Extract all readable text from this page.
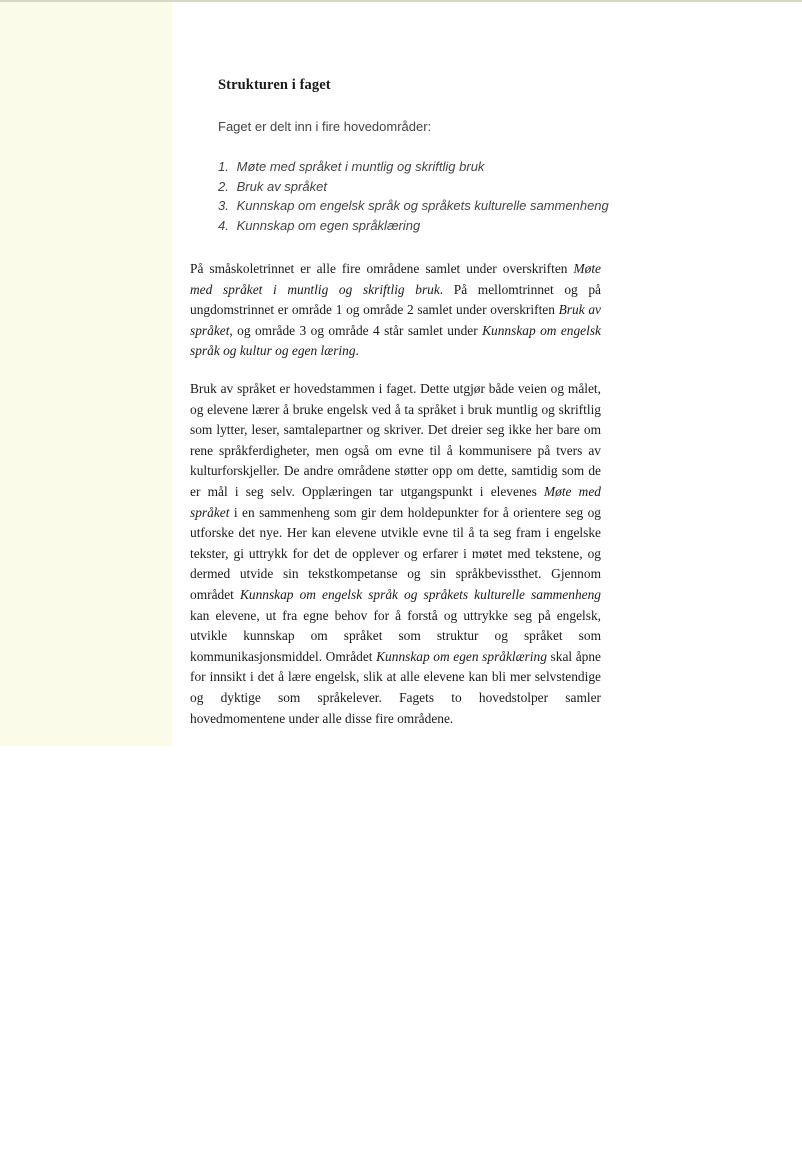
Strukturen i faget

Faget er delt inn i fire hovedområder:

1. Møte med språket i muntlig og skriftlig bruk
2. Bruk av språket
3. Kunnskap om engelsk språk og språkets kulturelle sammenheng
4. Kunnskap om egen språklæring

På småskoletrinnet er alle fire områdene samlet under overskriften Møte med språket i muntlig og skriftlig bruk. På mellomtrinnet og på ungdomstrinnet er område 1 og område 2 samlet under overskriften Bruk av språket, og område 3 og område 4 står samlet under Kunnskap om engelsk språk og kultur og egen læring.

Bruk av språket er hovedstammen i faget. Dette utgjør både veien og målet, og elevene lærer å bruke engelsk ved å ta språket i bruk muntlig og skriftlig som lytter, leser, samtalepartner og skriver. Det dreier seg ikke her bare om rene språkferdigheter, men også om evne til å kommunisere på tvers av kulturforskjeller. De andre områdene støtter opp om dette, samtidig som de er mål i seg selv. Opplæringen tar utgangspunkt i elevenes Møte med språket i en sammenheng som gir dem holdepunkter for å orientere seg og utforske det nye. Her kan elevene utvikle evne til å ta seg fram i engelske tekster, gi uttrykk for det de opplever og erfarer i møtet med tekstene, og dermed utvide sin tekstkompetanse og sin språkbevissthet. Gjennom området Kunnskap om engelsk språk og språkets kulturelle sammenheng kan elevene, ut fra egne behov for å forstå og uttrykke seg på engelsk, utvikle kunnskap om språket som struktur og språket som kommunikasjonsmiddel. Området Kunnskap om egen språklæring skal åpne for innsikt i det å lære engelsk, slik at alle elevene kan bli mer selvstendige og dyktige som språkelever. Fagets to hovedstolper samler hovedmomentene under alle disse fire områdene.
